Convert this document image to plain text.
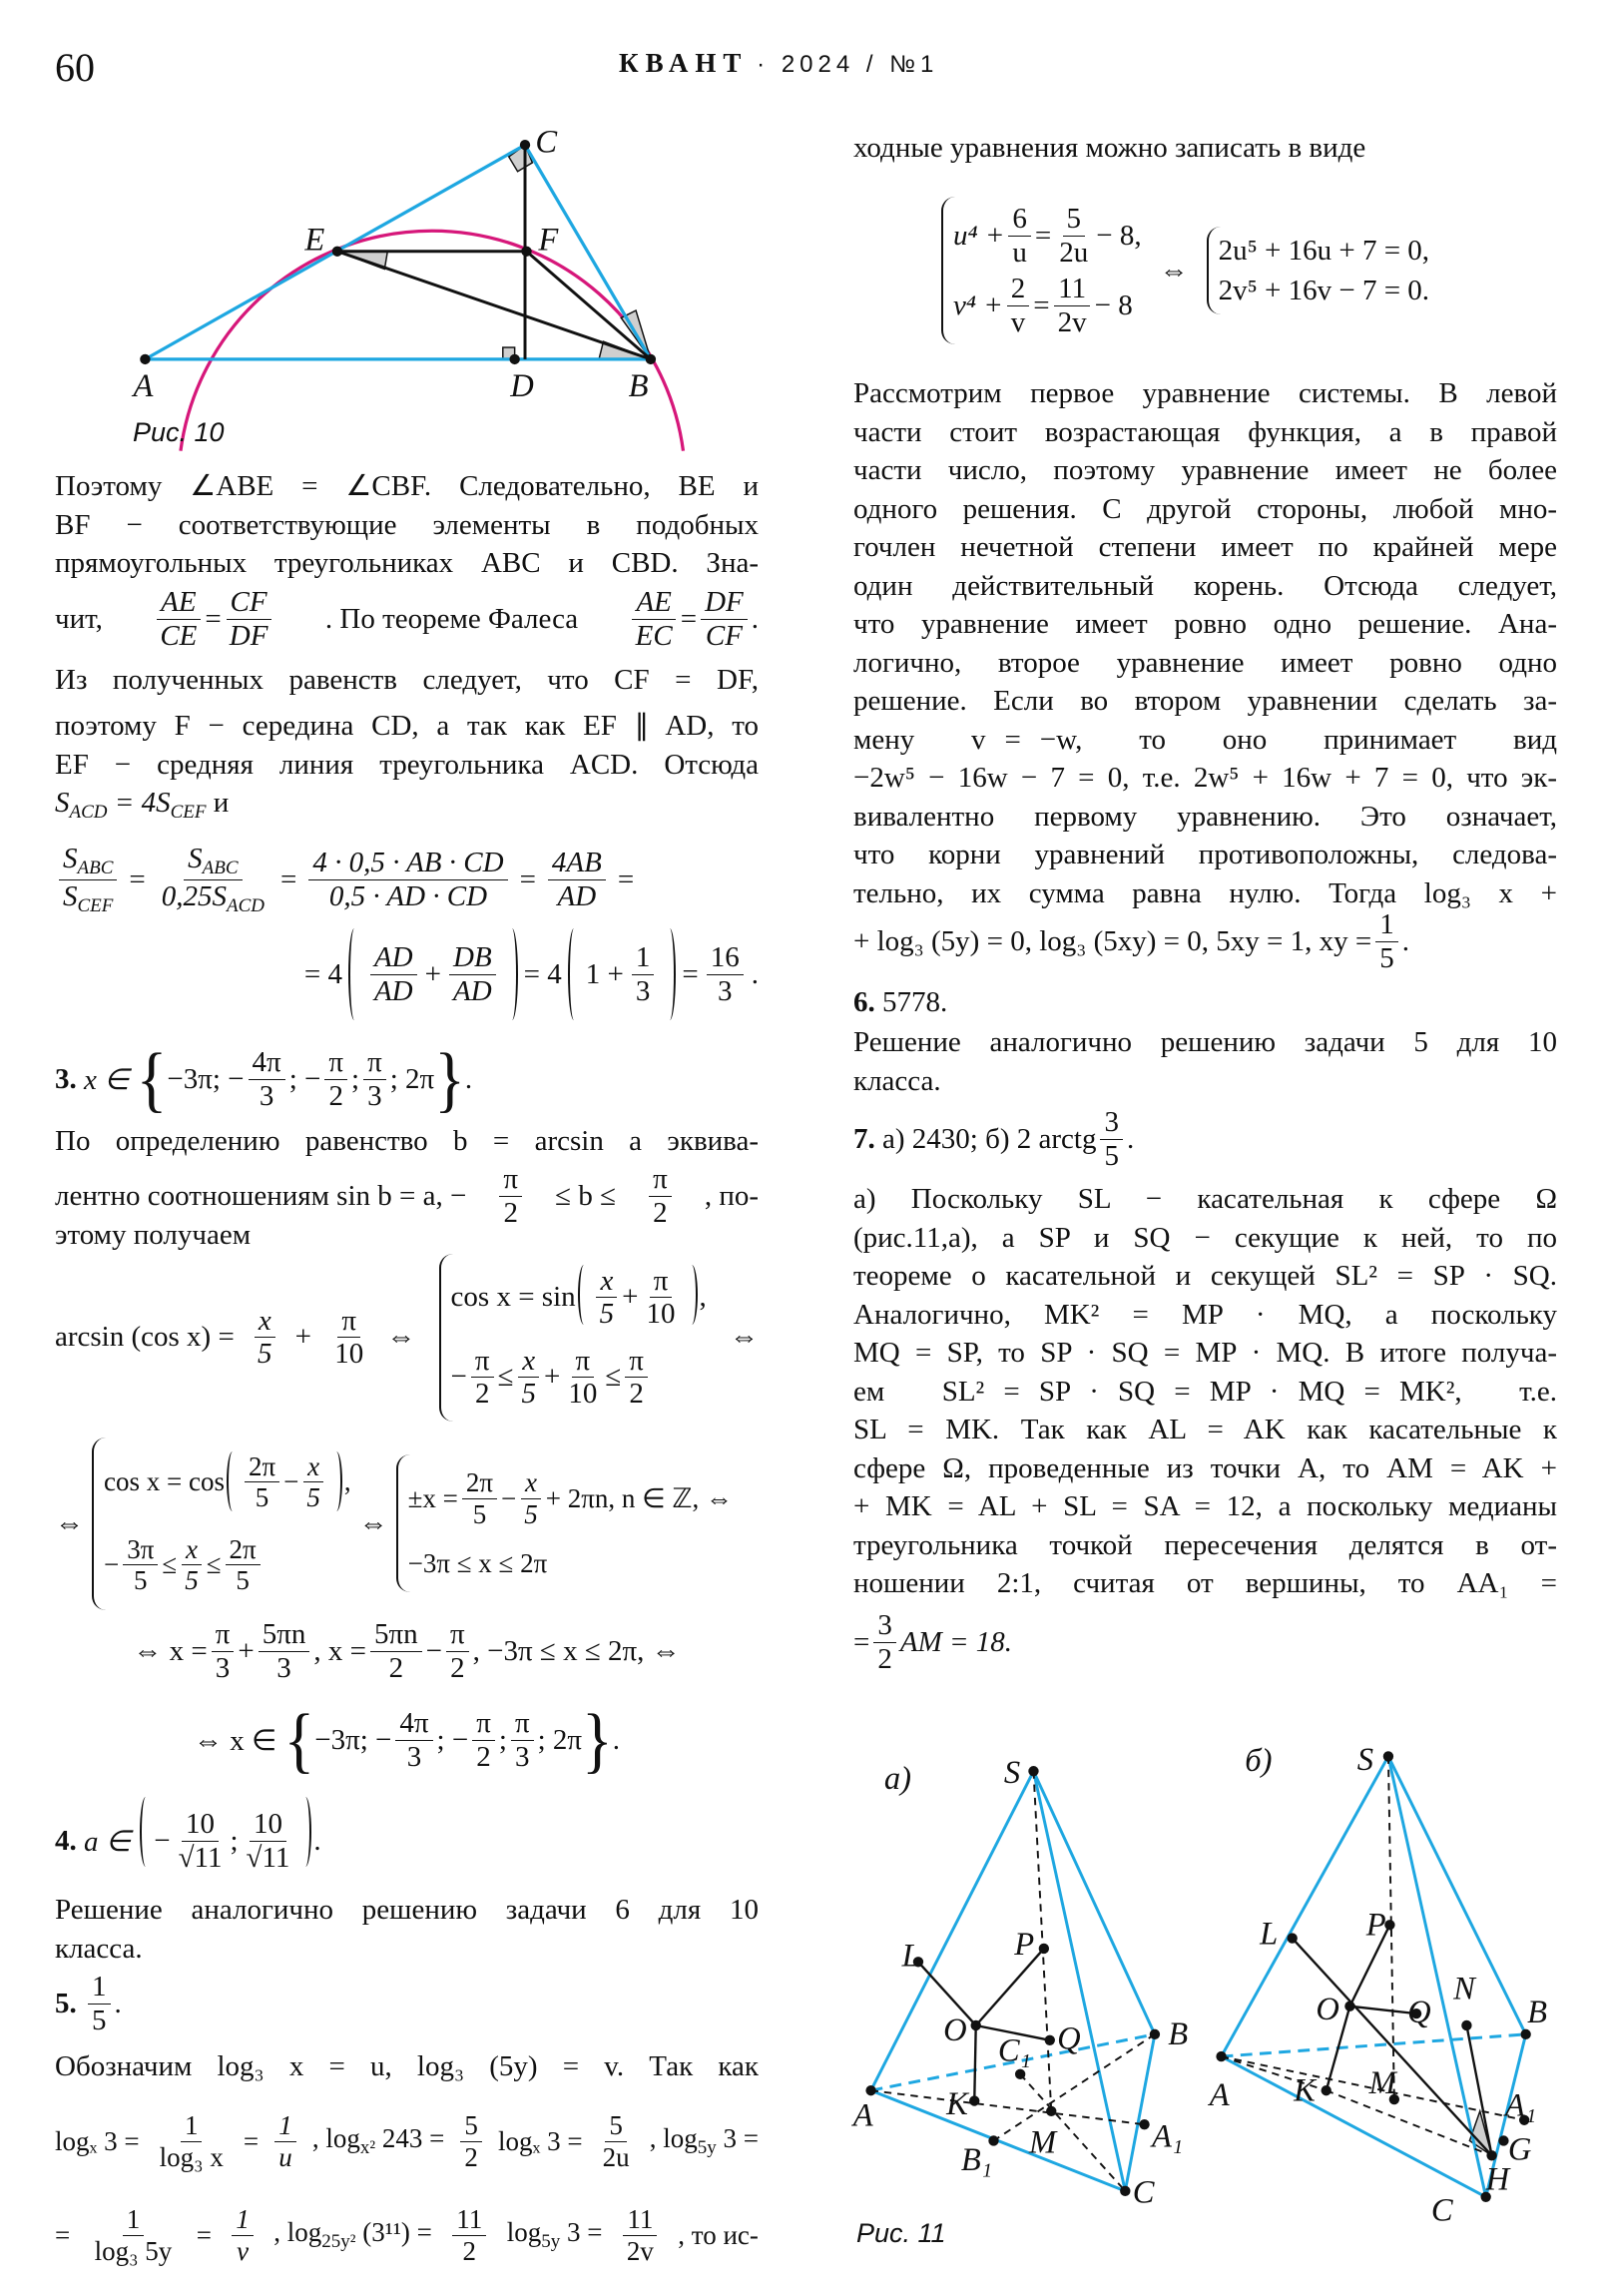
60	КВАНТ · 2024 / №1
A	D	B
C
E	F
а)	S
L	P
O	Q
C₁	B
A	K
M	A₁
B₁
C
б)	S
L	P
O	Q
N
B
A	K M
A₁
G
H
C
Рис. 10
Рис. 11
Поэтому ∠ABE = ∠CBF. Следовательно, BE и
BF − соответствующие элементы в подобных
прямоугольных треугольниках ABC и CBD. Зна-
чит, $\frac{AE}{CE} = \frac{CF}{DF}$ . По теореме Фалеса $\frac{AE}{EC} = \frac{DF}{CF}$ .
Из полученных равенств следует, что CF = DF,
поэтому F − середина CD, а так как EF ∥ AD, то
EF − средняя линия треугольника ACD. Отсюда
$S_{ACD} = 4S_{CEF}$ и
$\frac{S_{ABC}}{S_{CEF}} = \frac{S_{ABC}}{0,25S_{ACD}} = \frac{4 \cdot 0,5 \cdot AB \cdot CD}{0,5 \cdot AD \cdot CD} = \frac{4AB}{AD}$ =
= $4 \frac{AD}{AD} + \frac{DB}{AD} = 4$ $1 + \frac{1}{3} = \frac{16}{3}$ .
3.
x ∈
{ −3π; − $\frac{4\pi}{3}$ ; − $\frac{\pi}{2}$ ; $\frac{\pi}{3}$ ; 2π } .
По определению равенство b = arcsin a эквива-
лентно соотношениям sin b = a, − $\frac{\pi}{2} \le b \le \frac{\pi}{2}$ , по-
этому получаем
arcsin (cos $x) = \frac{x}{5} + \frac{\pi}{10}$ ⇔
$\cos x = \sin \frac{x}{5} + \frac{\pi}{10}$ ,
− $\frac{\pi}{2} \le \frac{x}{5} + \frac{\pi}{10} \le \frac{\pi}{2}$
⇔
⇔
$\cos x = \cos \frac{2\pi}{5} - \frac{x}{5}$ ,
− $\frac{3\pi}{5} \le \frac{x}{5} \le \frac{2\pi}{5}$
⇔
$\pm x = \frac{2\pi}{5} - \frac{x}{5} + 2\pi n$, n ∈ ℤ, ⇔
−3π ≤ x ≤ 2π
⇔ $x = \frac{\pi}{3} + \frac{5\pi n}{3}$ , $x = \frac{5\pi n}{2} - \frac{\pi}{2}$ , −3π ≤ x ≤ 2π, ⇔
⇔ x ∈
{ −3π; − $\frac{4\pi}{3}$ ; − $\frac{\pi}{2}$ ; $\frac{\pi}{3}$ ; 2π } .
4.
a ∈
− $\frac{10}{√11}$ ; $\frac{10}{√11}$ .
Решение аналогично решению задачи 6 для 10
класса.
5.
$\frac{1}{5}$ .
Обозначим log₃ x = u, log₃ (5y) = v. Так как
logₓ $3 = \frac{1}{\text{log₃ x}} = \frac{1}{u}$ , $\log_{x^2} 243 = \frac{5}{2}$ logₓ $3 = \frac{5}{2u}$ , $\log_{5y} 3$ =
= $\frac{1}{\text{log₃ 5y}} = \frac{1}{v}$ , $\log_{25y^2} (3^{11}) = \frac{11}{2} \log_{5y} 3 = \frac{11}{2v}$ , то ис-
ходные уравнения можно записать в виде
$u^4 + \frac{6}{u} = \frac{5}{2u} - 8$,
$v^4 + \frac{2}{v} = \frac{11}{2v} - 8$
⇔
2u⁵ + 16u + 7 = 0,
2v⁵ + 16v − 7 = 0.
Рассмотрим первое уравнение системы. В левой
части стоит возрастающая функция, а в правой
части число, поэтому уравнение имеет не более
одного решения. С другой стороны, любой мно-
гочлен нечетной степени имеет по крайней мере
один действительный корень. Отсюда следует,
что уравнение имеет ровно одно решение. Ана-
логично, второе уравнение имеет ровно одно
решение. Если во втором уравнении сделать за-
мену   v = −w,   то   оно   принимает   вид
−2w⁵ − 16w − 7 = 0, т.е. 2w⁵ + 16w + 7 = 0, что эк-
вивалентно первому уравнению. Это означает,
что корни уравнений противоположны, следова-
тельно, их сумма равна нулю. Тогда log₃ x +
+ log₃ (5y) = 0, log₃ (5xy) = 0, 5xy = 1, xy = $\frac{1}{5}$ .
6. 5778.
Решение аналогично решению задачи 5 для 10
класса.
7. а) 2430; б) 2 arctg $\frac{3}{5}$ .
а) Поскольку SL − касательная к сфере Ω
(рис.11,а), а SP и SQ − секущие к ней, то по
теореме о касательной и секущей SL² = SP · SQ.
Аналогично, MK² = MP · MQ, а поскольку
MQ = SP, то SP · SQ = MP · MQ. В итоге получа-
ем   SL² = SP · SQ = MP · MQ = MK²,   т.е.
SL = MK. Так как AL = AK как касательные к
сфере Ω, проведенные из точки A, то AM = AK +
+ MK = AL + SL = SA = 12, а поскольку медианы
треугольника точкой пересечения делятся в от-
ношении 2:1, считая от вершины, то AA₁ =
= $\frac{3}{2}$ AM = 18.
